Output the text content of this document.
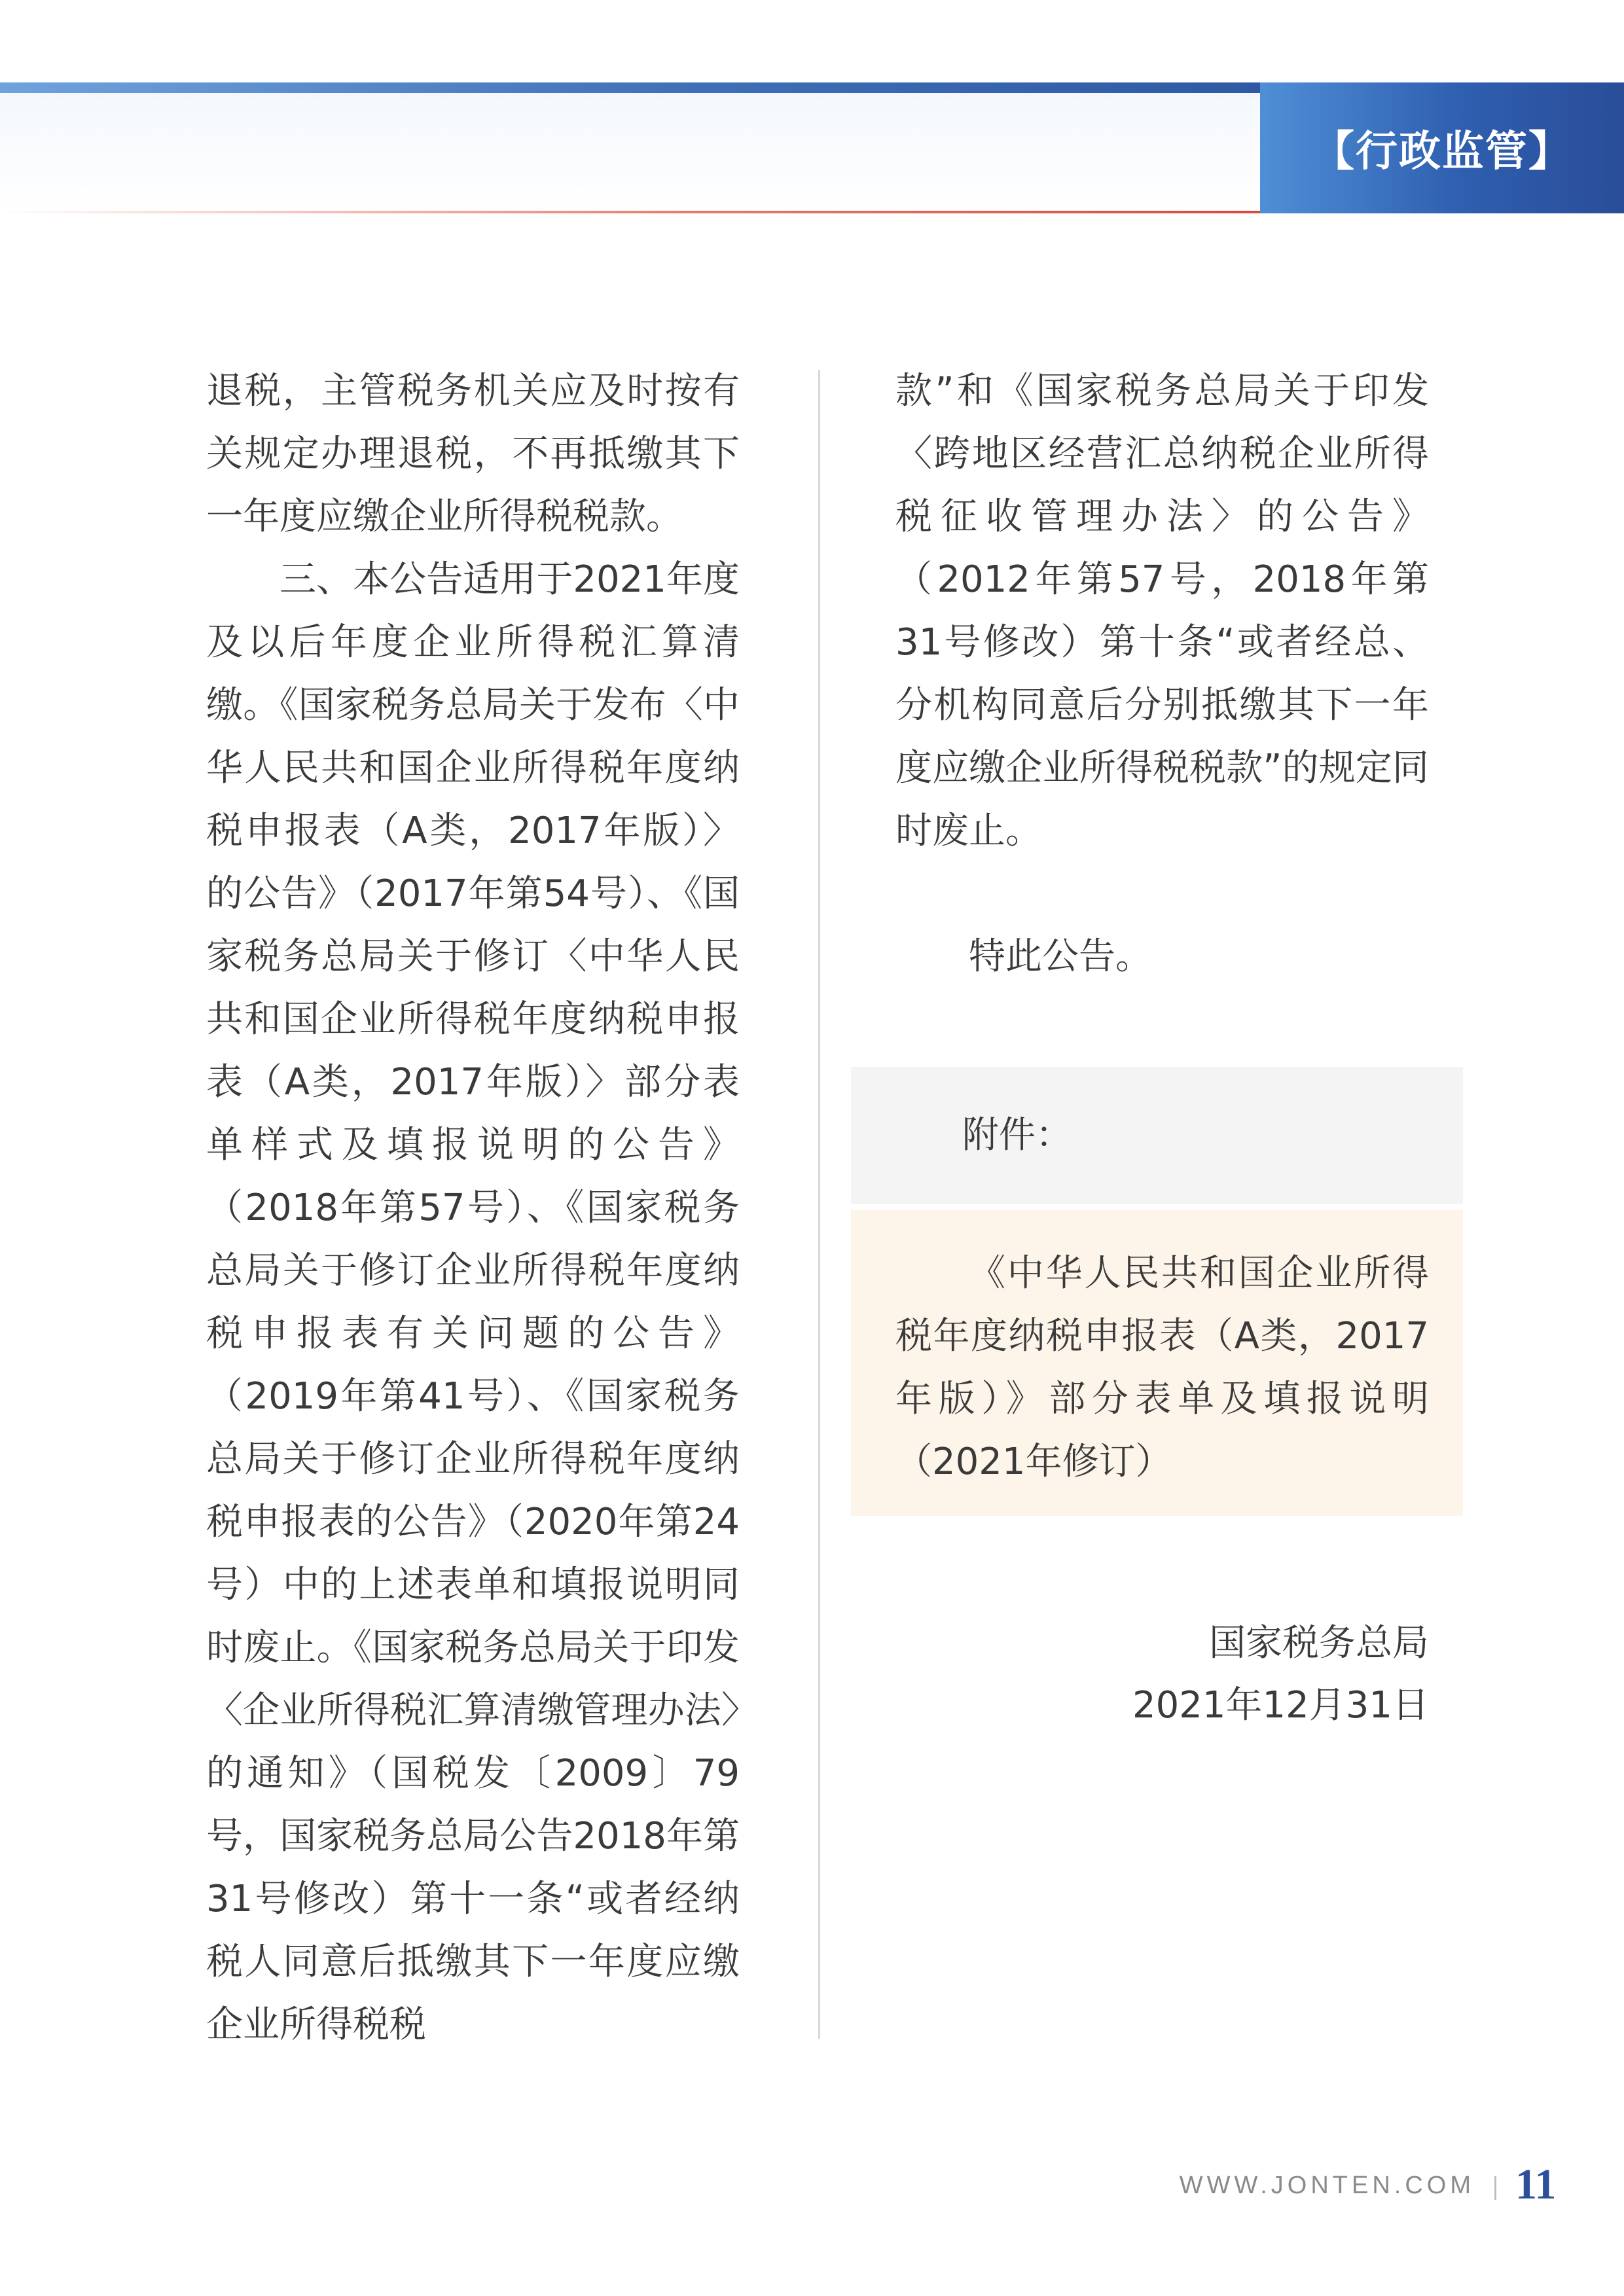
【行政监管】

退税，主管税务机关应及时按有关规定办理退税，不再抵缴其下一年度应缴企业所得税税款。

三、本公告适用于2021年度及以后年度企业所得税汇算清缴。《国家税务总局关于发布〈中华人民共和国企业所得税年度纳税申报表（A类，2017年版）〉的公告》（2017年第54号）、《国家税务总局关于修订〈中华人民共和国企业所得税年度纳税申报表（A类，2017年版）〉部分表单样式及填报说明的公告》（2018年第57号）、《国家税务总局关于修订企业所得税年度纳税申报表有关问题的公告》（2019年第41号）、《国家税务总局关于修订企业所得税年度纳税申报表的公告》（2020年第24号）中的上述表单和填报说明同时废止。《国家税务总局关于印发〈企业所得税汇算清缴管理办法〉的通知》（国税发〔2009〕79号，国家税务总局公告2018年第31号修改）第十一条“或者经纳税人同意后抵缴其下一年度应缴企业所得税税

款”和《国家税务总局关于印发〈跨地区经营汇总纳税企业所得税征收管理办法〉的公告》（2012年第57号，2018年第31号修改）第十条“或者经总、分机构同意后分别抵缴其下一年度应缴企业所得税税款”的规定同时废止。

特此公告。

附件：

《中华人民共和国企业所得税年度纳税申报表（A类，2017年版）》部分表单及填报说明（2021年修订）

国家税务总局
2021年12月31日
WWW.JONTEN.COM 11
